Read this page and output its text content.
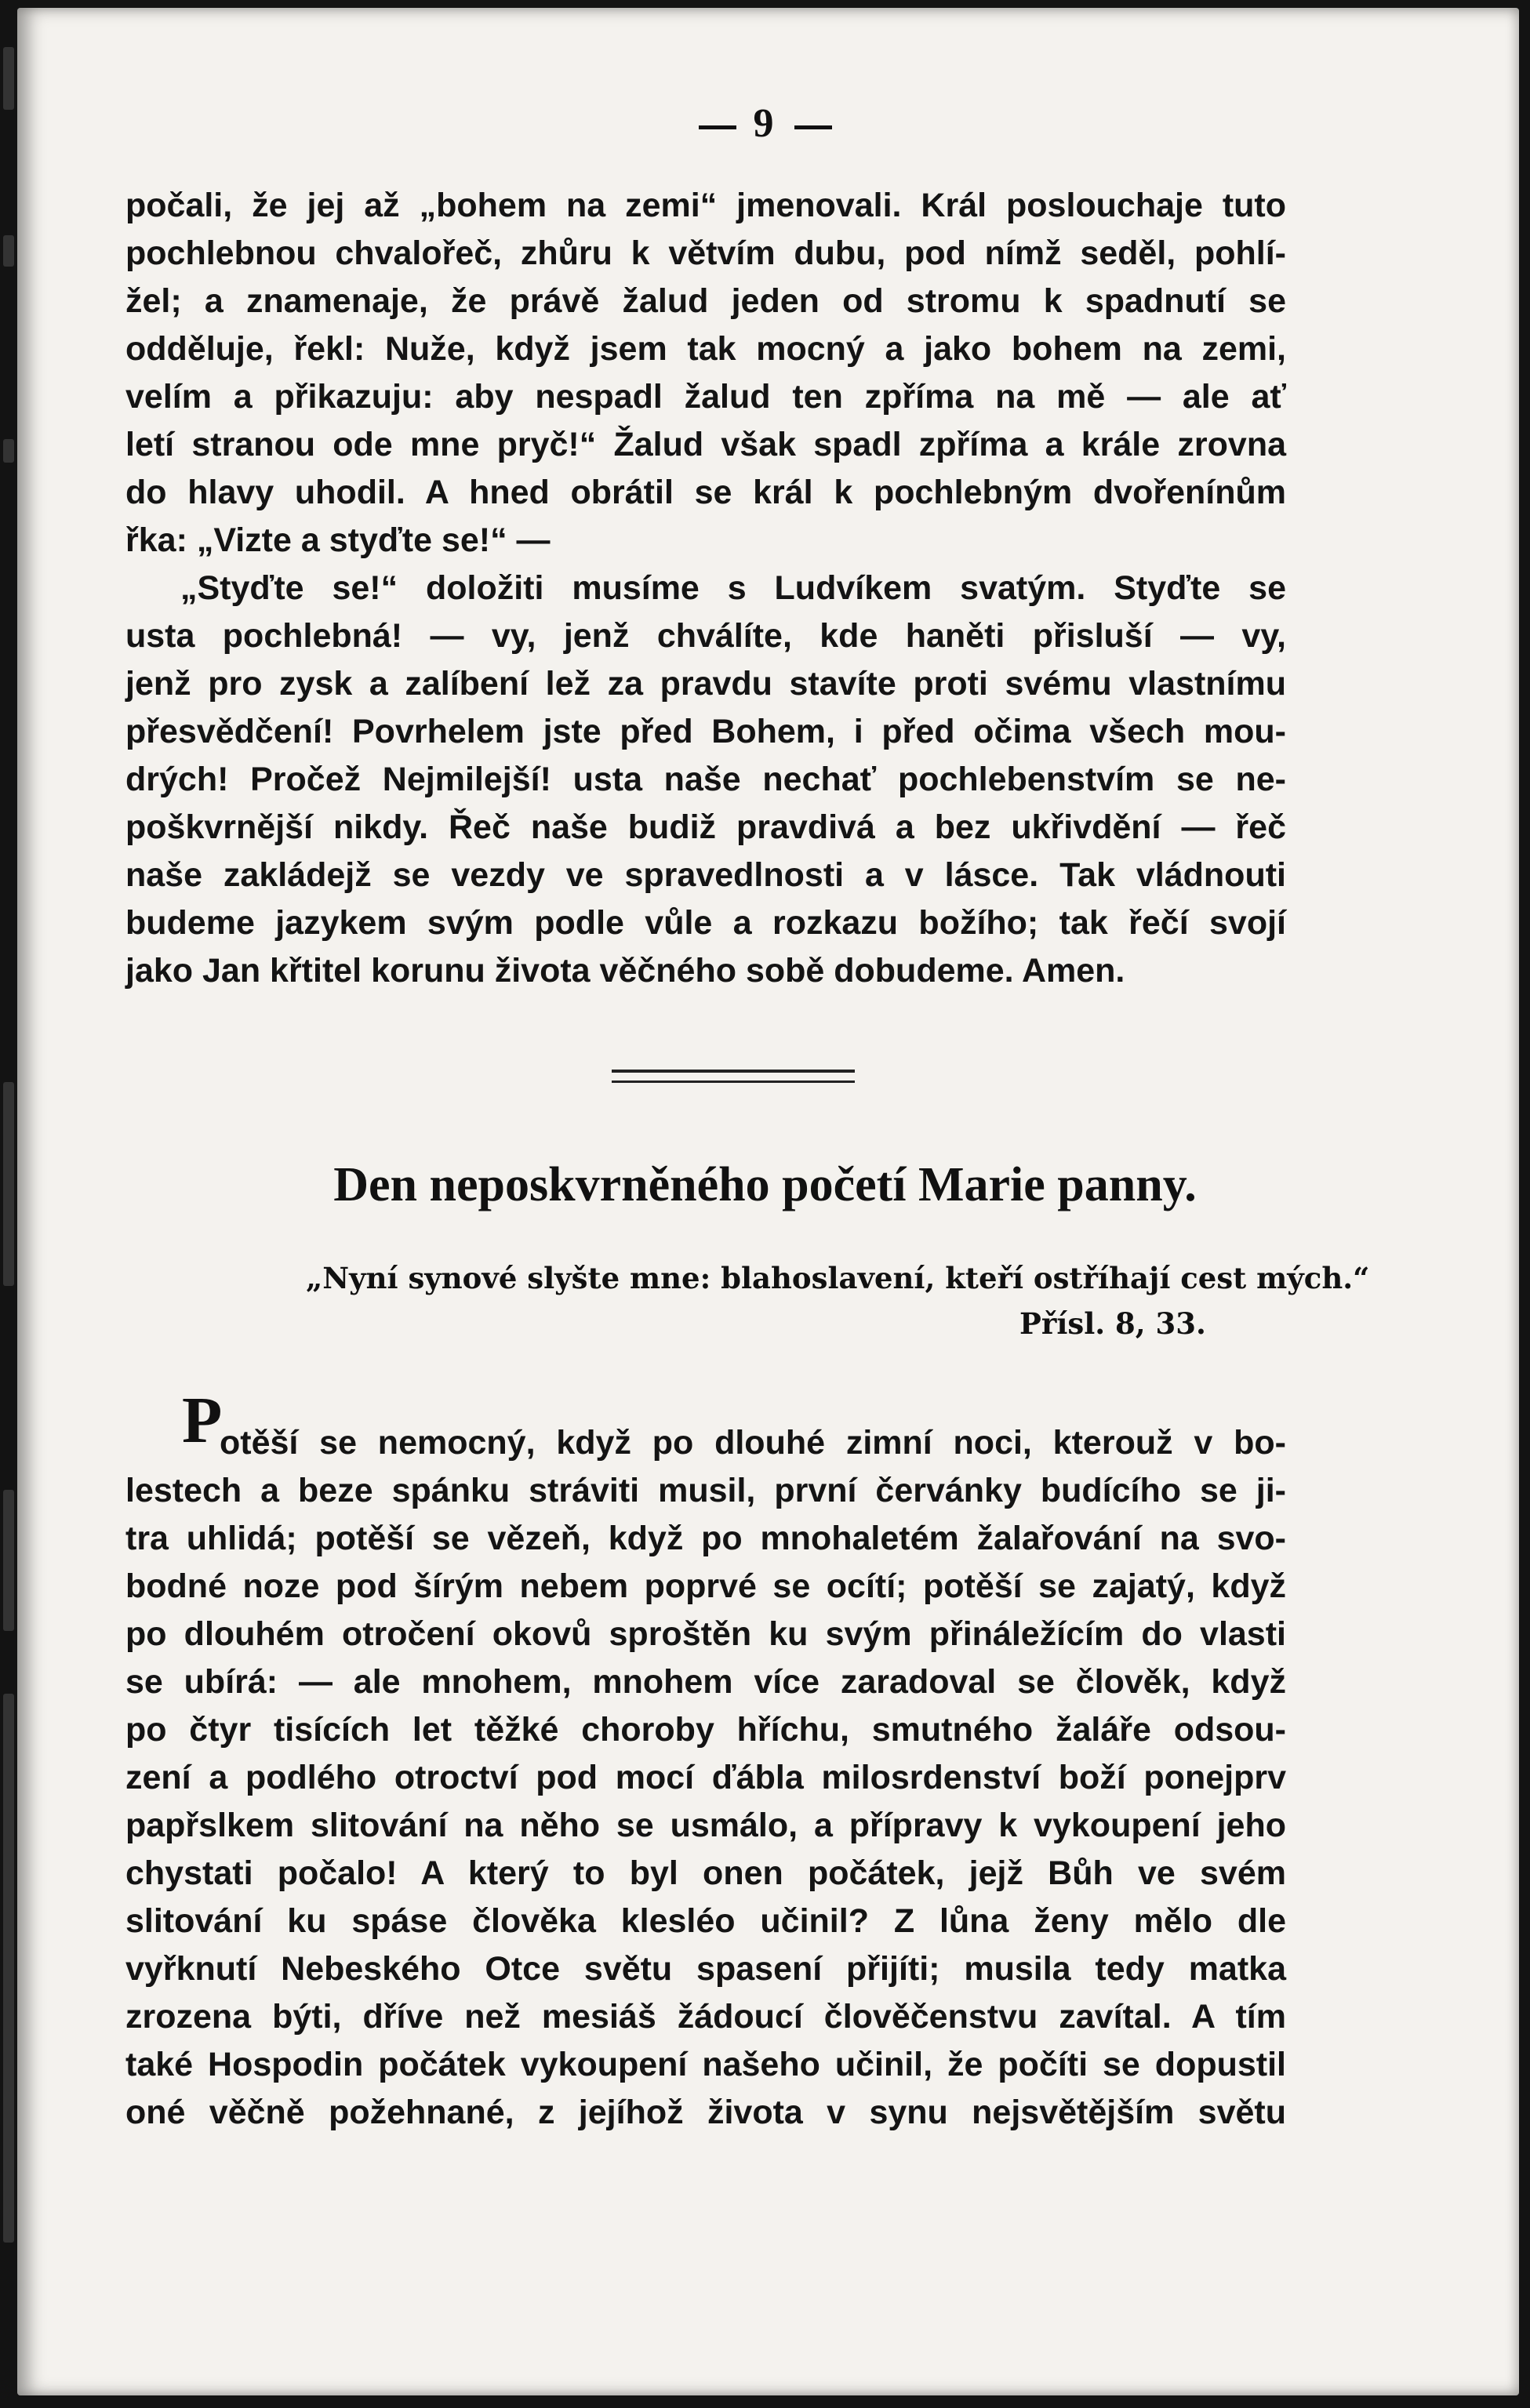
9
počali, že jej až „bohem na zemi“ jmenovali. Král poslouchaje tuto
pochlebnou chvalořeč, zhůru k větvím dubu, pod nímž seděl, pohlí-
žel; a znamenaje, že právě žalud jeden od stromu k spadnutí se
odděluje, řekl: Nuže, když jsem tak mocný a jako bohem na zemi,
velím a přikazuju: aby nespadl žalud ten zpříma na mě — ale ať
letí stranou ode mne pryč!“ Žalud však spadl zpříma a krále zrovna
do hlavy uhodil. A hned obrátil se král k pochlebným dvořenínům
řka: „Vizte a styďte se!“ —
„Styďte se!“ doložiti musíme s Ludvíkem svatým. Styďte se
usta pochlebná! — vy, jenž chválíte, kde haněti přisluší — vy,
jenž pro zysk a zalíbení lež za pravdu stavíte proti svému vlastnímu
přesvědčení! Povrhelem jste před Bohem, i před očima všech mou-
drých! Pročež Nejmilejší! usta naše nechať pochlebenstvím se ne-
poškvrnější nikdy. Řeč naše budiž pravdivá a bez ukřivdění — řeč
naše zakládejž se vezdy ve spravedlnosti a v lásce. Tak vládnouti
budeme jazykem svým podle vůle a rozkazu božího; tak řečí svojí
jako Jan křtitel korunu života věčného sobě dobudeme. Amen.
Den neposkvrněného početí Marie panny.
„Nyní synové slyšte mne: blahoslavení, kteří ostříhají cest mých.“
Přísl. 8, 33.
P
otěší se nemocný, když po dlouhé zimní noci, kterouž v bo-
lestech a beze spánku stráviti musil, první červánky budícího se ji-
tra uhlidá; potěší se vězeň, když po mnohaletém žalařování na svo-
bodné noze pod šírým nebem poprvé se ocítí; potěší se zajatý, když
po dlouhém otročení okovů sproštěn ku svým přináležícím do vlasti
se ubírá: — ale mnohem, mnohem více zaradoval se člověk, když
po čtyr tisících let těžké choroby hříchu, smutného žaláře odsou-
zení a podlého otroctví pod mocí ďábla milosrdenství boží ponejprv
papřslkem slitování na něho se usmálo, a přípravy k vykoupení jeho
chystati počalo! A který to byl onen počátek, jejž Bůh ve svém
slitování ku spáse člověka klesléo učinil? Z lůna ženy mělo dle
vyřknutí Nebeského Otce světu spasení přijíti; musila tedy matka
zrozena býti, dříve než mesiáš žádoucí člověčenstvu zavítal. A tím
také Hospodin počátek vykoupení našeho učinil, že počíti se dopustil
oné věčně požehnané, z jejíhož života v synu nejsvětějším světu
